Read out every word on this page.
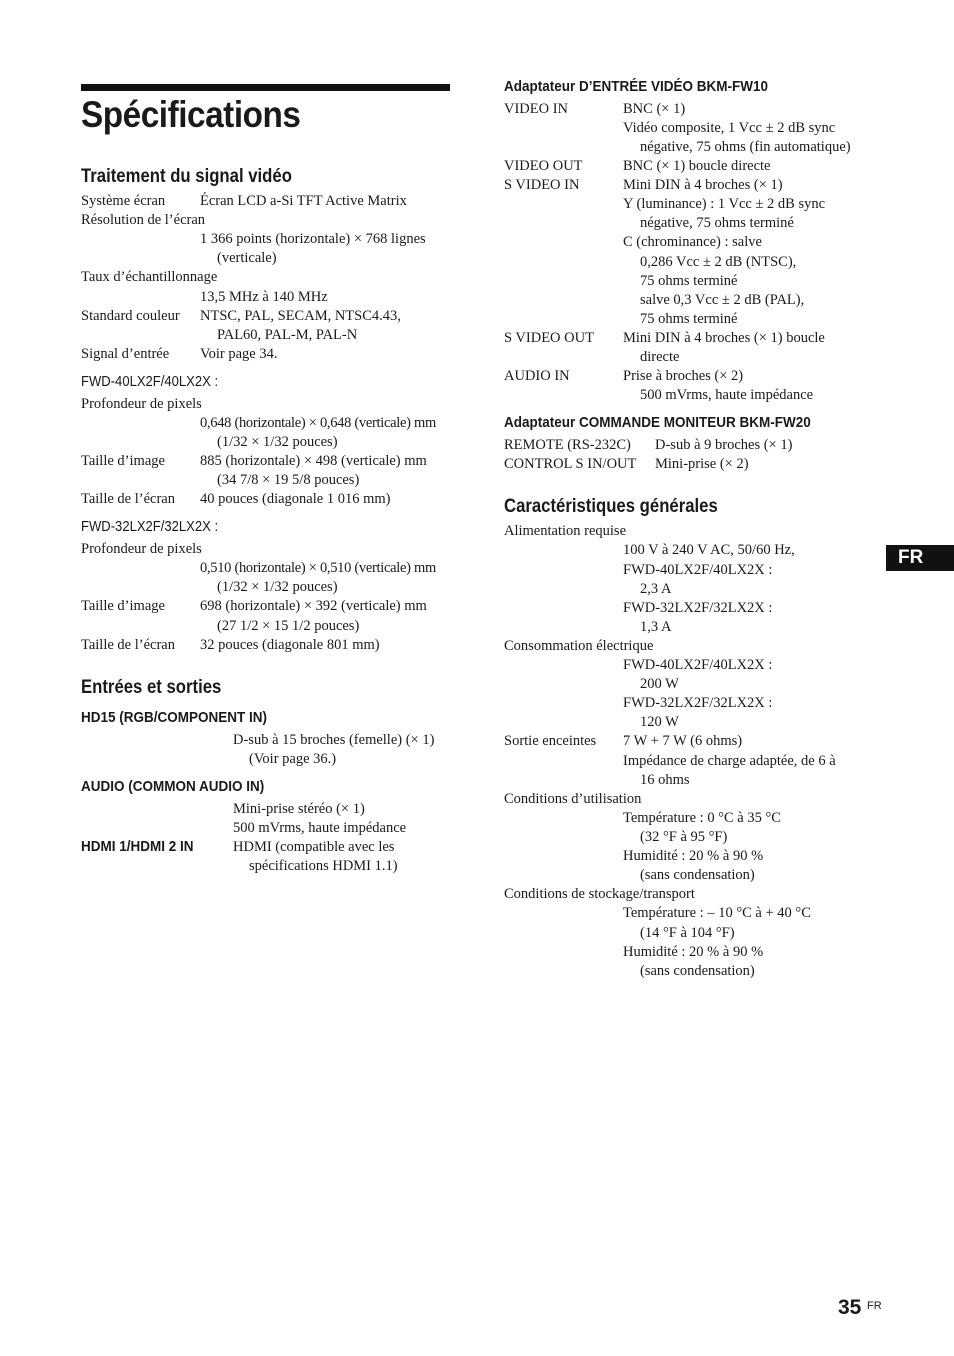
Spécifications
Traitement du signal vidéo
Système écran Écran LCD a-Si TFT Active Matrix
Résolution de l’écran
1 366 points (horizontale) × 768 lignes
(verticale)
Taux d’échantillonnage
13,5 MHz à 140 MHz
Standard couleur NTSC, PAL, SECAM, NTSC4.43,
PAL60, PAL-M, PAL-N
Signal d’entrée Voir page 34.
FWD-40LX2F/40LX2X :
Profondeur de pixels
0,648 (horizontale) × 0,648 (verticale) mm
(1/32 × 1/32 pouces)
Taille d’image 885 (horizontale) × 498 (verticale) mm
(34 7/8 × 19 5/8 pouces)
Taille de l’écran 40 pouces (diagonale 1 016 mm)
FWD-32LX2F/32LX2X :
Profondeur de pixels
0,510 (horizontale) × 0,510 (verticale) mm
(1/32 × 1/32 pouces)
Taille d’image 698 (horizontale) × 392 (verticale) mm
(27 1/2 × 15 1/2 pouces)
Taille de l’écran 32 pouces (diagonale 801 mm)
Entrées et sorties
HD15 (RGB/COMPONENT IN)
D-sub à 15 broches (femelle) (× 1)
(Voir page 36.)
AUDIO (COMMON AUDIO IN)
Mini-prise stéréo (× 1)
500 mVrms, haute impédance
HDMI 1/HDMI 2 IN	HDMI (compatible avec les
spécifications HDMI 1.1)
Adaptateur D’ENTRÉE VIDÉO BKM-FW10
VIDEO IN	BNC (× 1)
Vidéo composite, 1 Vcc ± 2 dB sync
négative, 75 ohms (fin automatique)
VIDEO OUT	BNC (× 1) boucle directe
S VIDEO IN	Mini DIN à 4 broches (× 1)
Y (luminance) : 1 Vcc ± 2 dB sync
négative, 75 ohms terminé
C (chrominance) : salve
0,286 Vcc ± 2 dB (NTSC),
75 ohms terminé
salve 0,3 Vcc ± 2 dB (PAL),
75 ohms terminé
S VIDEO OUT Mini DIN à 4 broches (× 1) boucle
directe
AUDIO IN	Prise à broches (× 2)
500 mVrms, haute impédance
Adaptateur COMMANDE MONITEUR BKM-FW20
REMOTE (RS-232C) D-sub à 9 broches (× 1)
CONTROL S IN/OUT Mini-prise (× 2)
Caractéristiques générales
Alimentation requise
100 V à 240 V AC, 50/60 Hz,
FWD-40LX2F/40LX2X :
2,3 A
FWD-32LX2F/32LX2X :
1,3 A
Consommation électrique
FWD-40LX2F/40LX2X :
200 W
FWD-32LX2F/32LX2X :
120 W
Sortie enceintes 7 W + 7 W (6 ohms)
Impédance de charge adaptée, de 6 à
16 ohms
Conditions d’utilisation
Température : 0 °C à 35 °C
(32 °F à 95 °F)
Humidité : 20 % à 90 %
(sans condensation)
Conditions de stockage/transport
Température : – 10 °C à + 40 °C
(14 °F à 104 °F)
Humidité : 20 % à 90 %
(sans condensation)
FR
35 FR
